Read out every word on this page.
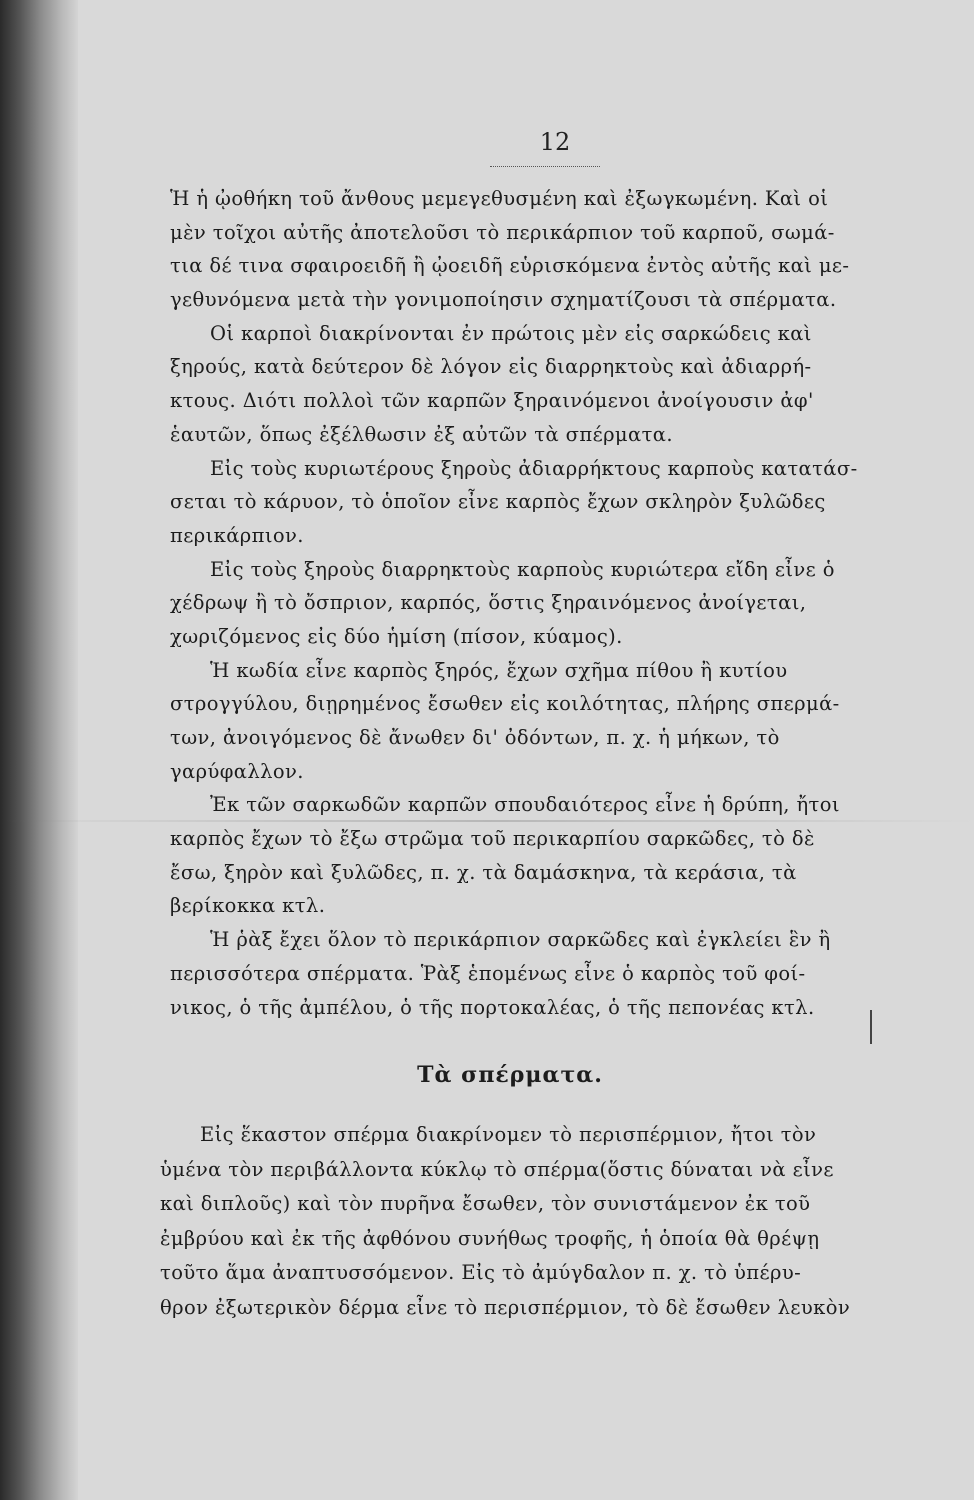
12
Ἡ ἡ ᾠοθήκη τοῦ ἄνθους μεμεγεθυσμένη καὶ ἐξωγκωμένη. Καὶ οἱ
μὲν τοῖχοι αὐτῆς ἀποτελοῦσι τὸ περικάρπιον τοῦ καρποῦ, σωμά-
τια δέ τινα σφαιροειδῆ ἢ ᾠοειδῆ εὑρισκόμενα ἐντὸς αὐτῆς καὶ με-
γεθυνόμενα μετὰ τὴν γονιμοποίησιν σχηματίζουσι τὰ σπέρματα.
Οἱ καρποὶ διακρίνονται ἐν πρώτοις μὲν εἰς σαρκώδεις καὶ
ξηρούς, κατὰ δεύτερον δὲ λόγον εἰς διαρρηκτοὺς καὶ ἀδιαρρή-
κτους. Διότι πολλοὶ τῶν καρπῶν ξηραινόμενοι ἀνοίγουσιν ἀφ'
ἑαυτῶν, ὅπως ἐξέλθωσιν ἐξ αὐτῶν τὰ σπέρματα.
Εἰς τοὺς κυριωτέρους ξηροὺς ἀδιαρρήκτους καρποὺς κατατάσ-
σεται τὸ κάρυον, τὸ ὁποῖον εἶνε καρπὸς ἔχων σκληρὸν ξυλῶδες
περικάρπιον.
Εἰς τοὺς ξηροὺς διαρρηκτοὺς καρποὺς κυριώτερα εἴδη εἶνε ὁ
χέδρωψ ἢ τὸ ὄσπριον, καρπός, ὅστις ξηραινόμενος ἀνοίγεται,
χωριζόμενος εἰς δύο ἡμίση (πίσον, κύαμος).
Ἡ κωδία εἶνε καρπὸς ξηρός, ἔχων σχῆμα πίθου ἢ κυτίου
στρογγύλου, διῃρημένος ἔσωθεν εἰς κοιλότητας, πλήρης σπερμά-
των, ἀνοιγόμενος δὲ ἄνωθεν δι' ὀδόντων, π. χ. ἡ μήκων, τὸ
γαρύφαλλον.
Ἐκ τῶν σαρκωδῶν καρπῶν σπουδαιότερος εἶνε ἡ δρύπη, ἤτοι
καρπὸς ἔχων τὸ ἔξω στρῶμα τοῦ περικαρπίου σαρκῶδες, τὸ δὲ
ἔσω, ξηρὸν καὶ ξυλῶδες, π. χ. τὰ δαμάσκηνα, τὰ κεράσια, τὰ
βερίκοκκα κτλ.
Ἡ ῥὰξ ἔχει ὅλον τὸ περικάρπιον σαρκῶδες καὶ ἐγκλείει ἓν ἢ
περισσότερα σπέρματα. Ῥὰξ ἑπομένως εἶνε ὁ καρπὸς τοῦ φοί-
νικος, ὁ τῆς ἀμπέλου, ὁ τῆς πορτοκαλέας, ὁ τῆς πεπονέας κτλ.
Τὰ σπέρματα.
Εἰς ἕκαστον σπέρμα διακρίνομεν τὸ περισπέρμιον, ἤτοι τὸν
ὑμένα τὸν περιβάλλοντα κύκλῳ τὸ σπέρμα(ὅστις δύναται νὰ εἶνε
καὶ διπλοῦς) καὶ τὸν πυρῆνα ἔσωθεν, τὸν συνιστάμενον ἐκ τοῦ
ἐμβρύου καὶ ἐκ τῆς ἀφθόνου συνήθως τροφῆς, ἡ ὁποία θὰ θρέψῃ
τοῦτο ἅμα ἀναπτυσσόμενον. Εἰς τὸ ἀμύγδαλον π. χ. τὸ ὑπέρυ-
θρον ἐξωτερικὸν δέρμα εἶνε τὸ περισπέρμιον, τὸ δὲ ἔσωθεν λευκὸν
